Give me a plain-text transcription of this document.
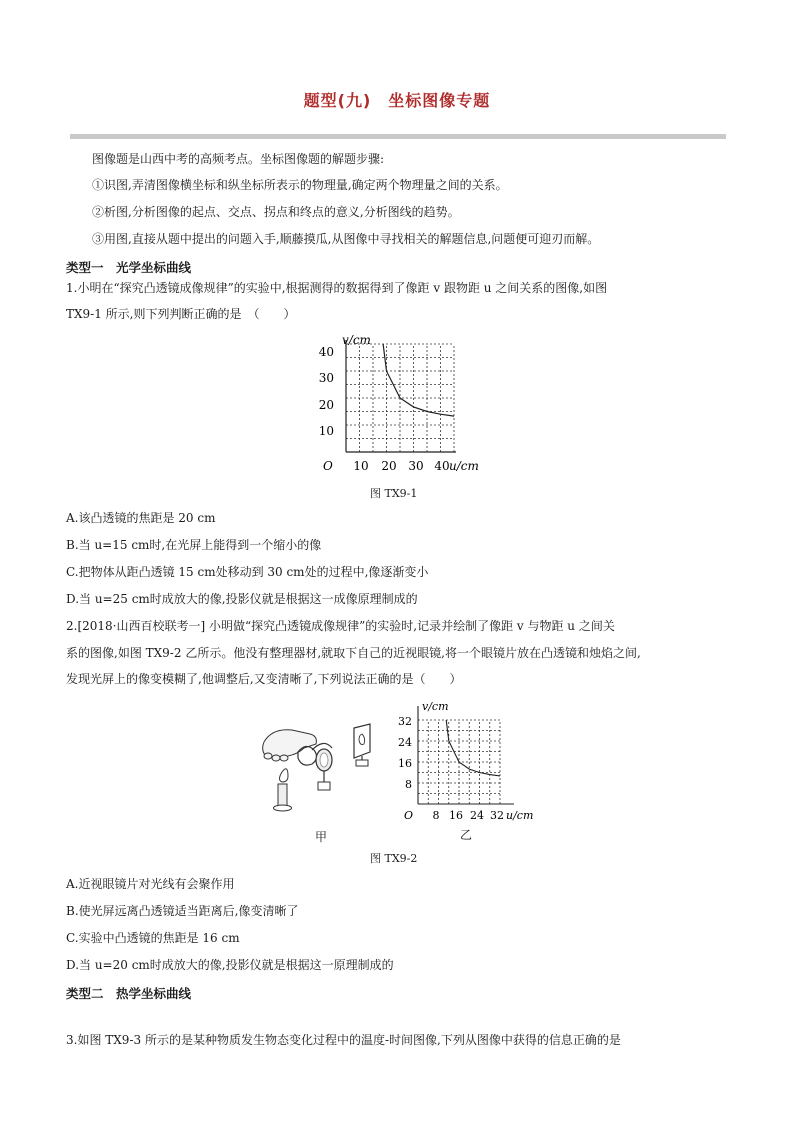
题型(九)　坐标图像专题
图像题是山西中考的高频考点。坐标图像题的解题步骤:
①识图,弄清图像横坐标和纵坐标所表示的物理量,确定两个物理量之间的关系。
②析图,分析图像的起点、交点、拐点和终点的意义,分析图线的趋势。
③用图,直接从题中提出的问题入手,顺藤摸瓜,从图像中寻找相关的解题信息,问题便可迎刃而解。
类型一　光学坐标曲线
1.小明在“探究凸透镜成像规律”的实验中,根据测得的数据得到了像距 v 跟物距 u 之间关系的图像,如图
TX9-1 所示,则下列判断正确的是　（　　）
v/cm
u/cm
O 10 20 30 40
10
20
30
40
图 TX9-1
A.该凸透镜的焦距是 20 cm
B.当 u=15 cm时,在光屏上能得到一个缩小的像
C.把物体从距凸透镜 15 cm处移动到 30 cm处的过程中,像逐渐变小
D.当 u=25 cm时成放大的像,投影仪就是根据这一成像原理制成的
2.[2018·山西百校联考一] 小明做“探究凸透镜成像规律”的实验时,记录并绘制了像距 v 与物距 u 之间关
系的图像,如图 TX9-2 乙所示。他没有整理器材,就取下自己的近视眼镜,将一个眼镜片放在凸透镜和烛焰之间,
发现光屏上的像变模糊了,他调整后,又变清晰了,下列说法正确的是（　　）
甲
v/cm
u/cm
O 8 16 24 32
8
16
24
32
乙
图 TX9-2
A.近视眼镜片对光线有会聚作用
B.使光屏远离凸透镜适当距离后,像变清晰了
C.实验中凸透镜的焦距是 16 cm
D.当 u=20 cm时成放大的像,投影仪就是根据这一原理制成的
类型二　热学坐标曲线
3.如图 TX9-3 所示的是某种物质发生物态变化过程中的温度-时间图像,下列从图像中获得的信息正确的是
